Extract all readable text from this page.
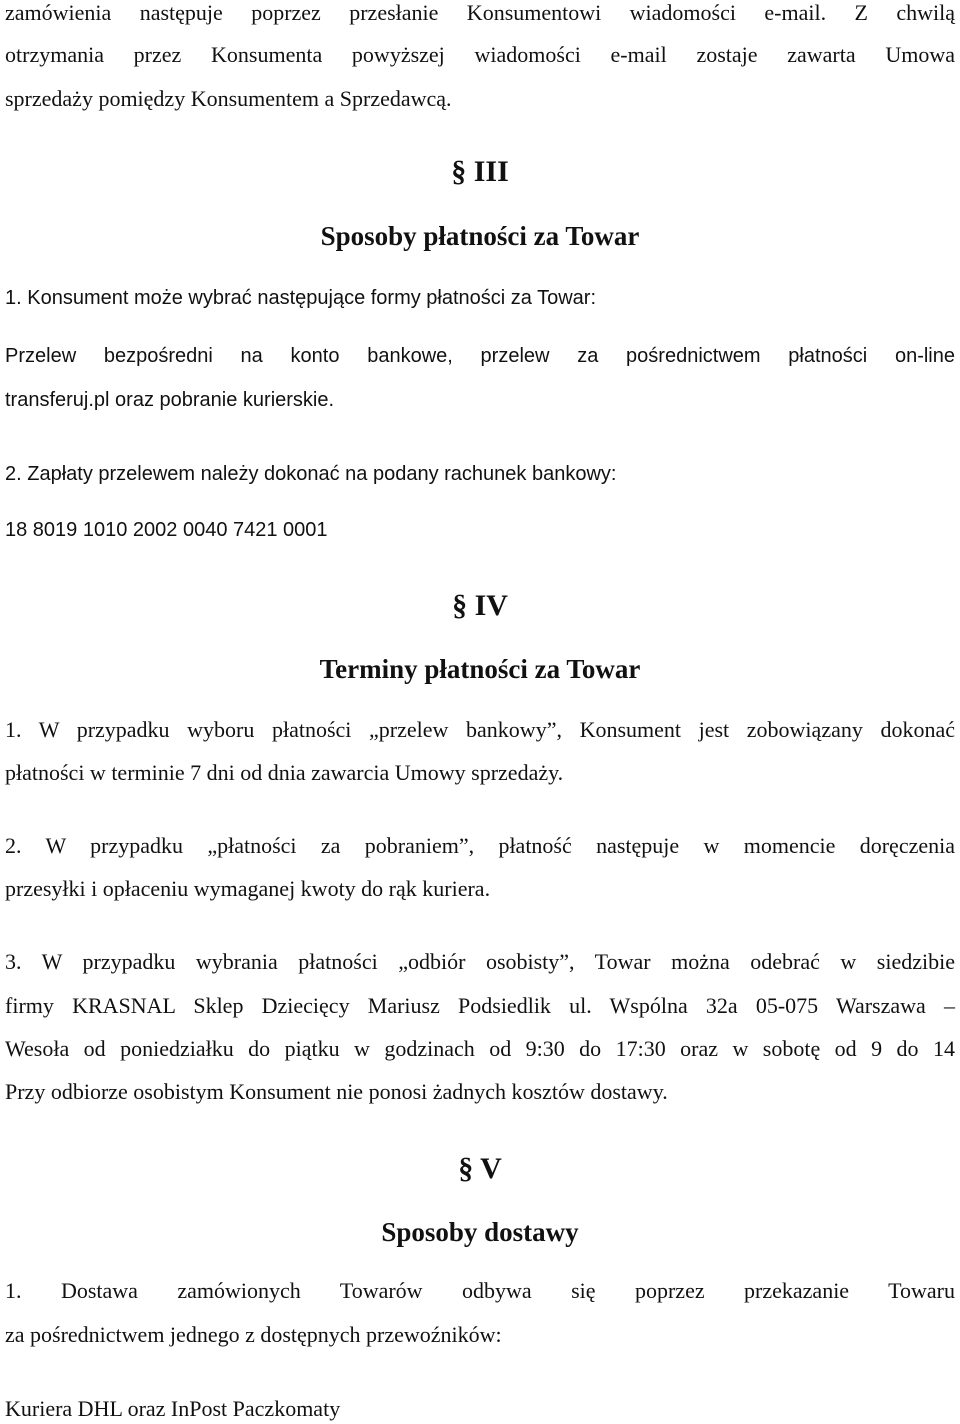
zamówienia następuje poprzez przesłanie Konsumentowi wiadomości e-mail. Z chwilą
otrzymania przez Konsumenta powyższej wiadomości e-mail zostaje zawarta Umowa
sprzedaży pomiędzy Konsumentem a Sprzedawcą.
§ III
Sposoby płatności za Towar
1. Konsument może wybrać następujące formy płatności za Towar:
Przelew bezpośredni na konto bankowe, przelew za pośrednictwem płatności on-line
transferuj.pl oraz pobranie kurierskie.
2. Zapłaty przelewem należy dokonać na podany rachunek bankowy:
18 8019 1010 2002 0040 7421 0001
§ IV
Terminy płatności za Towar
1. W przypadku wyboru płatności „przelew bankowy”, Konsument jest zobowiązany dokonać
płatności w terminie 7 dni od dnia zawarcia Umowy sprzedaży.
2. W przypadku „płatności za pobraniem”, płatność następuje w momencie doręczenia
przesyłki i opłaceniu wymaganej kwoty do rąk kuriera.
3. W przypadku wybrania płatności „odbiór osobisty”, Towar można odebrać w siedzibie
firmy KRASNAL Sklep Dziecięcy Mariusz Podsiedlik ul. Wspólna 32a 05-075 Warszawa –
Wesoła od poniedziałku do piątku w godzinach od 9:30 do 17:30 oraz w sobotę od 9 do 14
Przy odbiorze osobistym Konsument nie ponosi żadnych kosztów dostawy.
§ V
Sposoby dostawy
1. Dostawa zamówionych Towarów odbywa się poprzez przekazanie Towaru
za pośrednictwem jednego z dostępnych przewoźników:
Kuriera DHL oraz InPost Paczkomaty
